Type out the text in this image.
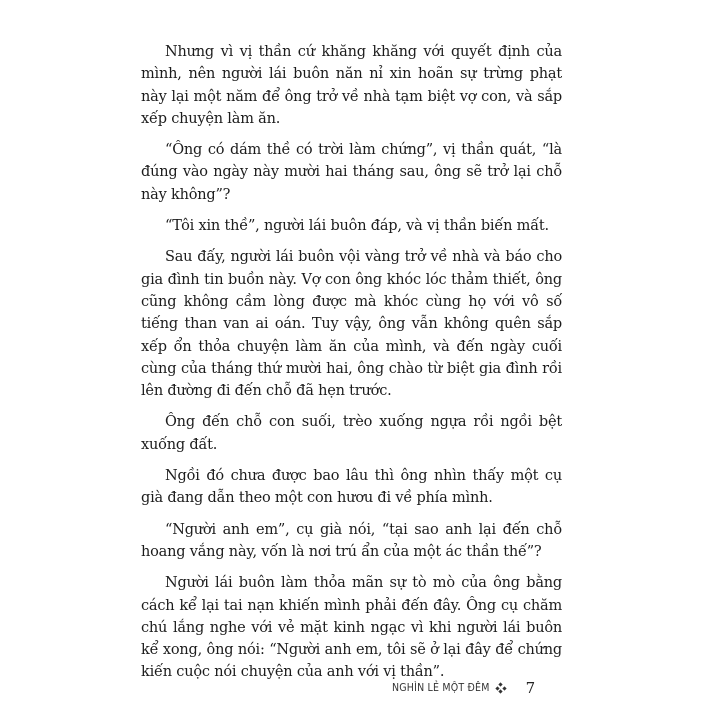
Nhưng vì vị thần cứ khăng khăng với quyết định của mình, nên người lái buôn năn nỉ xin hoãn sự trừng phạt này lại một năm để ông trở về nhà tạm biệt vợ con, và sắp xếp chuyện làm ăn.

“Ông có dám thề có trời làm chứng”, vị thần quát, “là đúng vào ngày này mười hai tháng sau, ông sẽ trở lại chỗ này không”?

“Tôi xin thề”, người lái buôn đáp, và vị thần biến mất.

Sau đấy, người lái buôn vội vàng trở về nhà và báo cho gia đình tin buồn này. Vợ con ông khóc lóc thảm thiết, ông cũng không cầm lòng được mà khóc cùng họ với vô số tiếng than van ai oán. Tuy vậy, ông vẫn không quên sắp xếp ổn thỏa chuyện làm ăn của mình, và đến ngày cuối cùng của tháng thứ mười hai, ông chào từ biệt gia đình rồi lên đường đi đến chỗ đã hẹn trước.

Ông đến chỗ con suối, trèo xuống ngựa rồi ngồi bệt xuống đất.

Ngồi đó chưa được bao lâu thì ông nhìn thấy một cụ già đang dẫn theo một con hươu đi về phía mình.

“Người anh em”, cụ già nói, “tại sao anh lại đến chỗ hoang vắng này, vốn là nơi trú ẩn của một ác thần thế”?

Người lái buôn làm thỏa mãn sự tò mò của ông bằng cách kể lại tai nạn khiến mình phải đến đây. Ông cụ chăm chú lắng nghe với vẻ mặt kinh ngạc vì khi người lái buôn kể xong, ông nói: “Người anh em, tôi sẽ ở lại đây để chứng kiến cuộc nói chuyện của anh với vị thần”.

NGHÌN LẺ MỘT ĐÊM 7
